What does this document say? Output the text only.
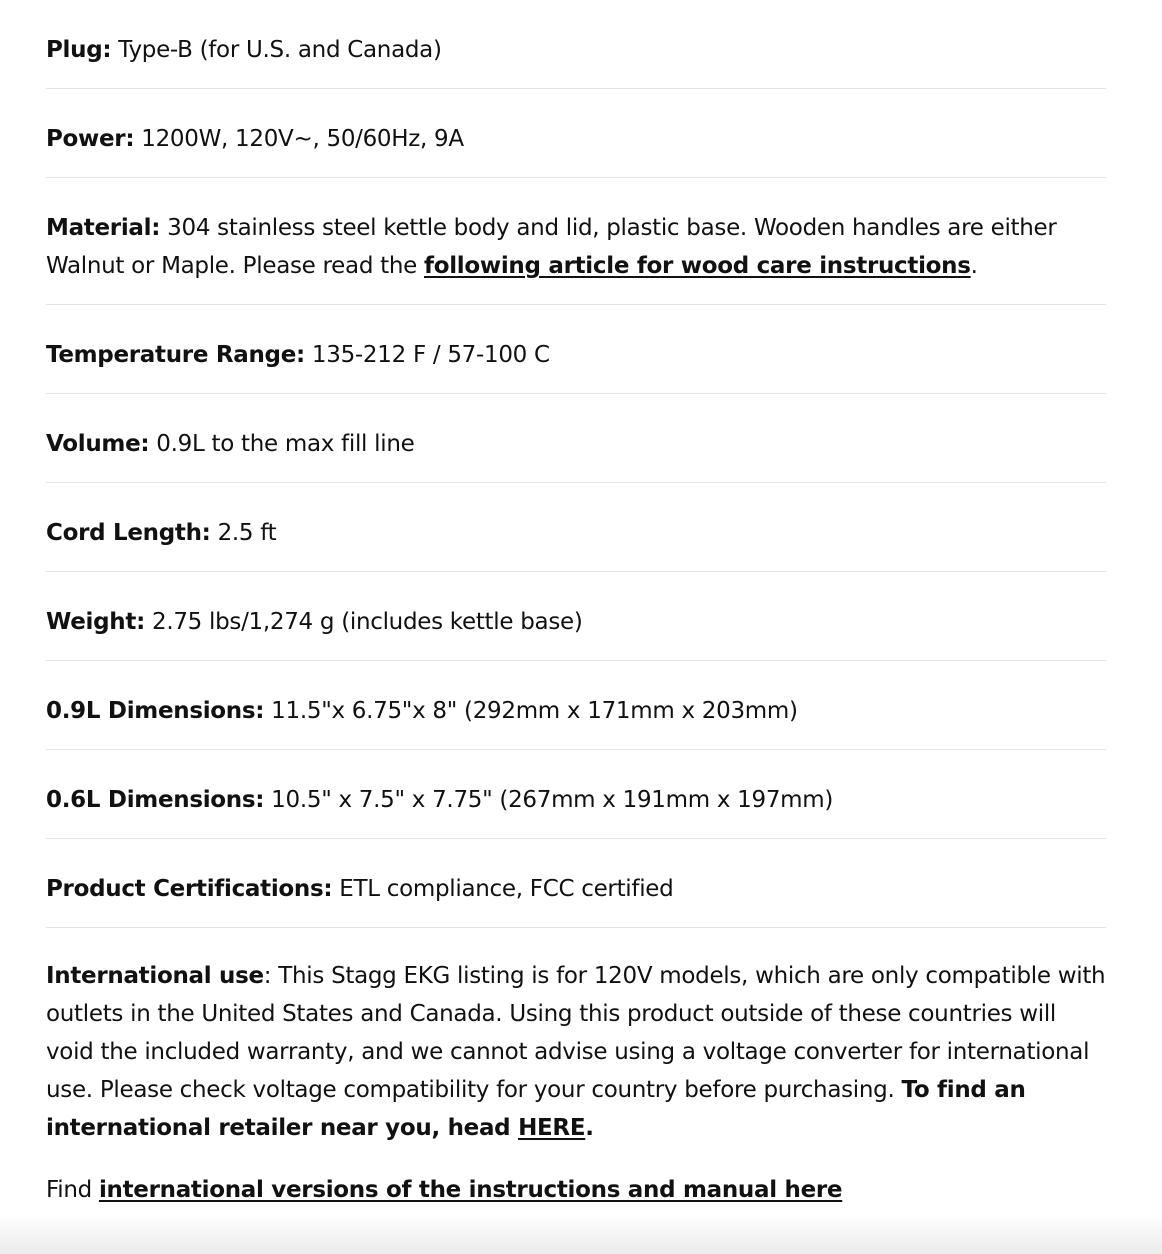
Plug: Type-B (for U.S. and Canada)
Power: 1200W, 120V~, 50/60Hz, 9A
Material: 304 stainless steel kettle body and lid, plastic base. Wooden handles are either Walnut or Maple. Please read the following article for wood care instructions.
Temperature Range: 135-212 F / 57-100 C
Volume: 0.9L to the max fill line
Cord Length: 2.5 ft
Weight: 2.75 lbs/1,274 g (includes kettle base)
0.9L Dimensions: 11.5"x 6.75"x 8" (292mm x 171mm x 203mm)
0.6L Dimensions: 10.5" x 7.5" x 7.75" (267mm x 191mm x 197mm)
Product Certifications: ETL compliance, FCC certified
International use: This Stagg EKG listing is for 120V models, which are only compatible with outlets in the United States and Canada. Using this product outside of these countries will void the included warranty, and we cannot advise using a voltage converter for international use. Please check voltage compatibility for your country before purchasing. To find an international retailer near you, head HERE.
Find international versions of the instructions and manual here
